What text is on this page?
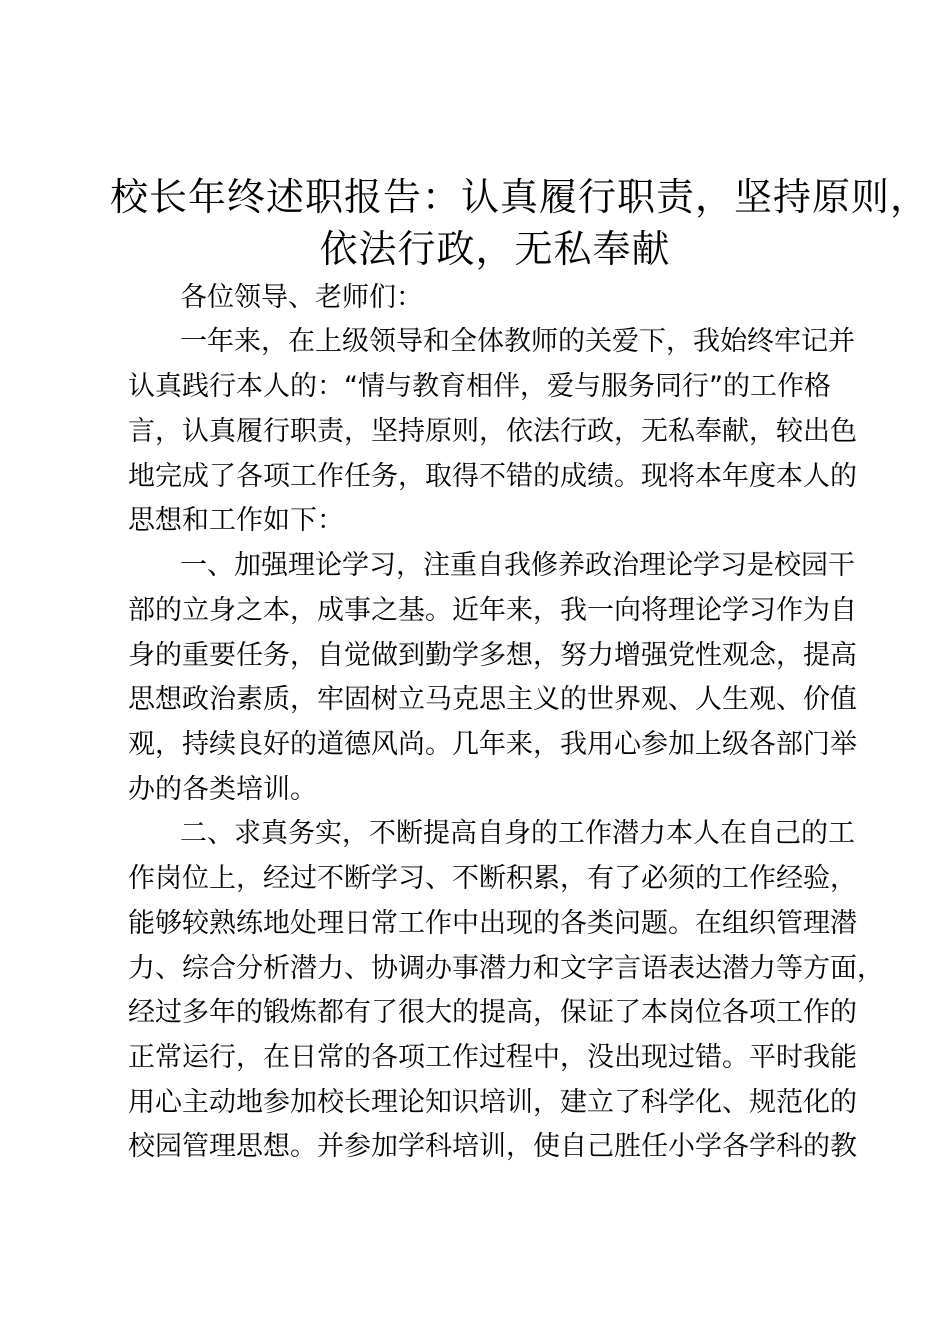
校长年终述职报告：认真履行职责，坚持原则，
依法行政，无私奉献
各位领导、老师们：
一年来，在上级领导和全体教师的关爱下，我始终牢记并
认真践行本人的：“情与教育相伴，爱与服务同行”的工作格
言，认真履行职责，坚持原则，依法行政，无私奉献，较出色
地完成了各项工作任务，取得不错的成绩。现将本年度本人的
思想和工作如下：
一、加强理论学习，注重自我修养政治理论学习是校园干
部的立身之本，成事之基。近年来，我一向将理论学习作为自
身的重要任务，自觉做到勤学多想，努力增强党性观念，提高
思想政治素质，牢固树立马克思主义的世界观、人生观、价值
观，持续良好的道德风尚。几年来，我用心参加上级各部门举
办的各类培训。
二、求真务实，不断提高自身的工作潜力本人在自己的工
作岗位上，经过不断学习、不断积累，有了必须的工作经验，
能够较熟练地处理日常工作中出现的各类问题。在组织管理潜
力、综合分析潜力、协调办事潜力和文字言语表达潜力等方面，
经过多年的锻炼都有了很大的提高，保证了本岗位各项工作的
正常运行，在日常的各项工作过程中，没出现过错。平时我能
用心主动地参加校长理论知识培训，建立了科学化、规范化的
校园管理思想。并参加学科培训，使自己胜任小学各学科的教
